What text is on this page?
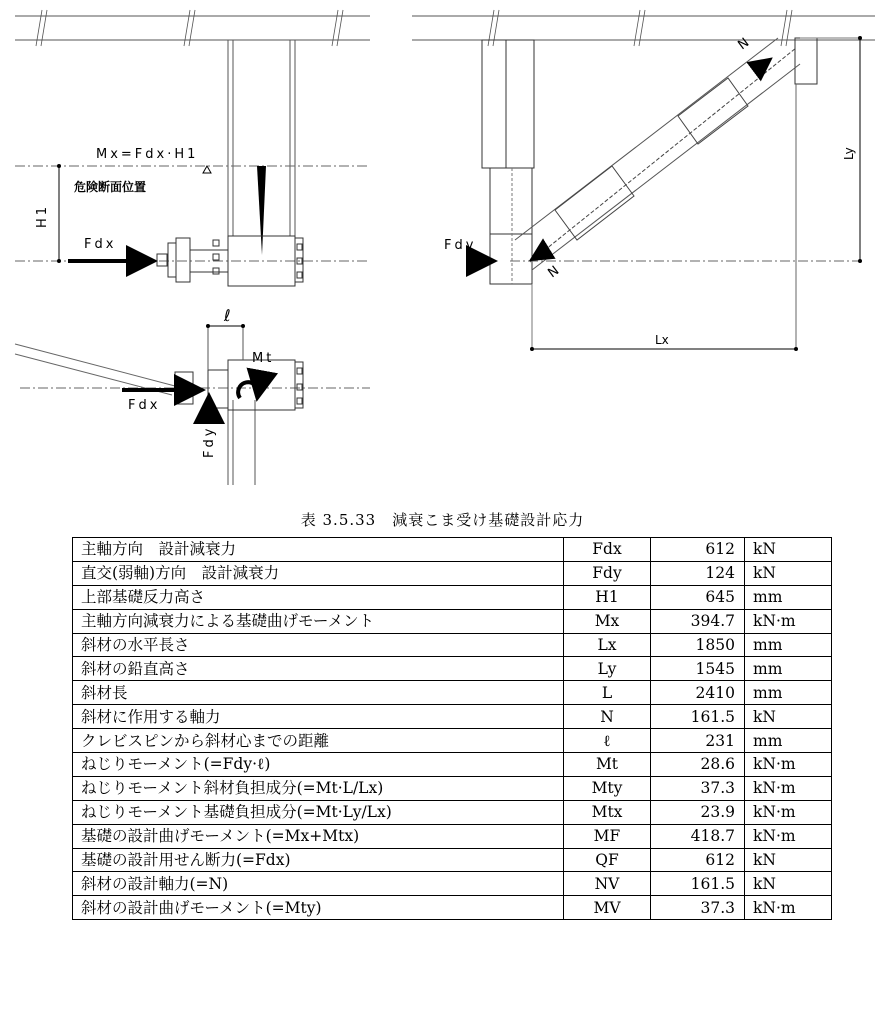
Mx=Fdx·H1
危険断面位置
H1
Fdx
ℓ
Mt
Fdx
Fdy
Fdy
N
N
Lx
Ly
表 3.5.33　減衰こま受け基礎設計応力
主軸方向　設計減衰力	Fdx	612	kN
直交(弱軸)方向　設計減衰力	Fdy	124	kN
上部基礎反力高さ	H1	645	mm
主軸方向減衰力による基礎曲げモーメント	Mx	394.7	kN·m
斜材の水平長さ	Lx	1850	mm
斜材の鉛直高さ	Ly	1545	mm
斜材長	L	2410	mm
斜材に作用する軸力	N	161.5	kN
クレビスピンから斜材心までの距離	ℓ	231	mm
ねじりモーメント(=Fdy·ℓ)	Mt	28.6	kN·m
ねじりモーメント斜材負担成分(=Mt·L/Lx)	Mty	37.3	kN·m
ねじりモーメント基礎負担成分(=Mt·Ly/Lx)	Mtx	23.9	kN·m
基礎の設計曲げモーメント(=Mx+Mtx)	MF	418.7	kN·m
基礎の設計用せん断力(=Fdx)	QF	612	kN
斜材の設計軸力(=N)	NV	161.5	kN
斜材の設計曲げモーメント(=Mty)	MV	37.3	kN·m
